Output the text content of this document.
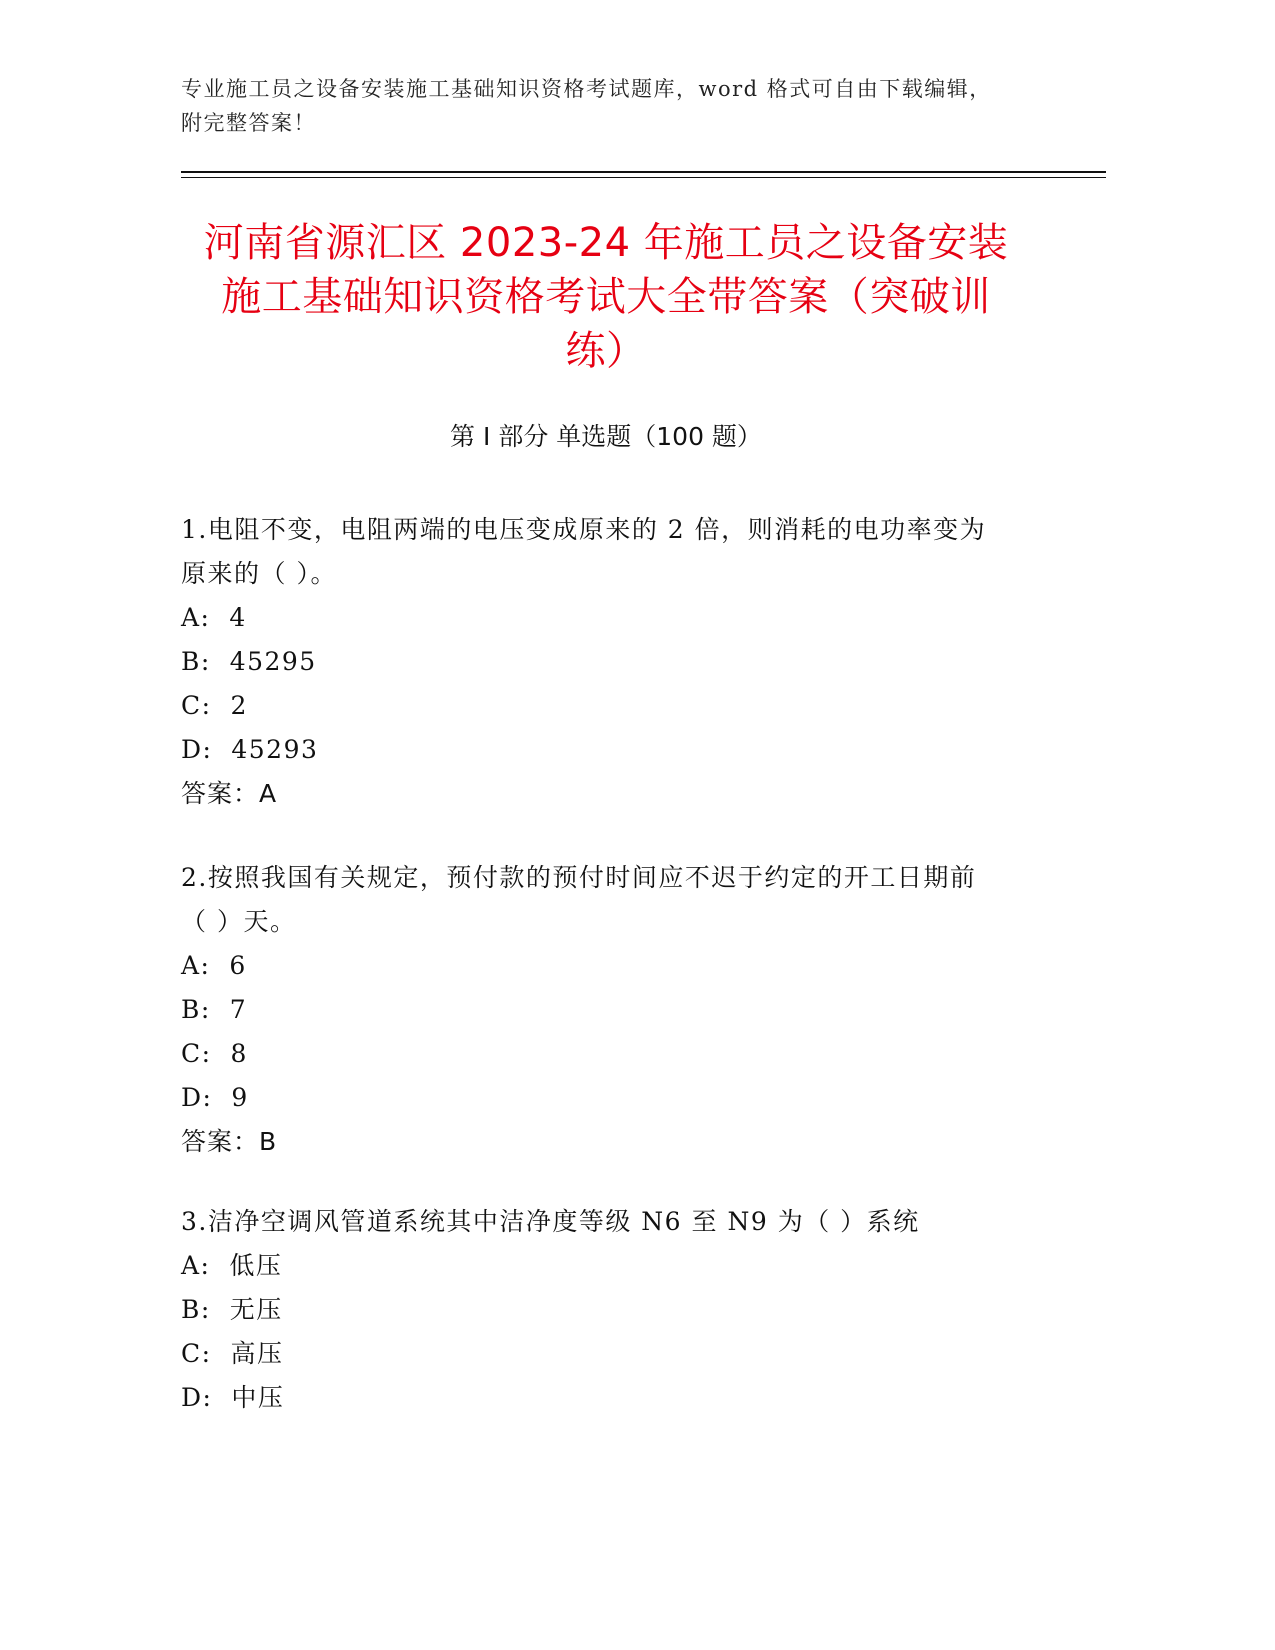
专业施工员之设备安装施工基础知识资格考试题库，word 格式可自由下载编辑，
附完整答案！
河南省源汇区 2023-24 年施工员之设备安装
施工基础知识资格考试大全带答案（突破训
练）
第 I 部分 单选题（100 题）
1.电阻不变，电阻两端的电压变成原来的 2 倍，则消耗的电功率变为
原来的（ ）。
A:  4
B:  45295
C:  2
D:  45293
答案：A
2.按照我国有关规定，预付款的预付时间应不迟于约定的开工日期前
（ ）天。
A:  6
B:  7
C:  8
D:  9
答案：B
3.洁净空调风管道系统其中洁净度等级 N6 至 N9 为（ ）系统
A:  低压
B:  无压
C:  高压
D:  中压
